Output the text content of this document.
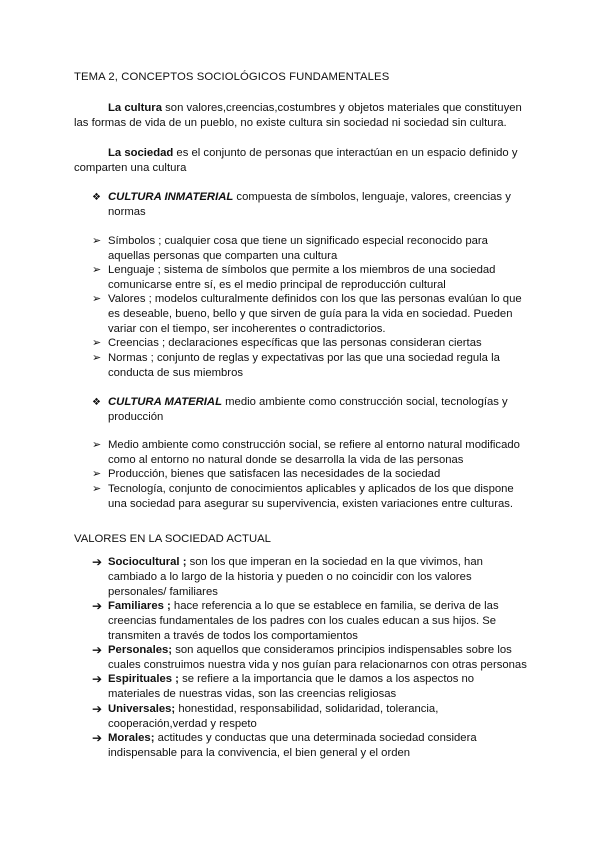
TEMA 2, CONCEPTOS SOCIOLÓGICOS FUNDAMENTALES
La cultura son valores,creencias,costumbres y objetos materiales que constituyen las formas de vida de un pueblo, no existe cultura sin sociedad ni sociedad sin cultura.
La sociedad es el conjunto de personas que interactúan en un espacio definido y comparten una cultura
❖ CULTURA INMATERIAL compuesta de símbolos, lenguaje, valores, creencias y normas
➢ Símbolos ; cualquier cosa que tiene un significado especial reconocido para aquellas personas que comparten una cultura
➢ Lenguaje ; sistema de símbolos que permite a los miembros de una sociedad comunicarse entre sí, es el medio principal de reproducción cultural
➢ Valores ; modelos culturalmente definidos con los que las personas evalúan lo que es deseable, bueno, bello y que sirven de guía para la vida en sociedad. Pueden variar con el tiempo, ser incoherentes o contradictorios.
➢ Creencias ; declaraciones específicas que las personas consideran ciertas
➢ Normas ; conjunto de reglas y expectativas por las que una sociedad regula la conducta de sus miembros
❖ CULTURA MATERIAL medio ambiente como construcción social, tecnologías y producción
➢ Medio ambiente como construcción social, se refiere al entorno natural modificado como al entorno no natural donde se desarrolla la vida de las personas
➢ Producción, bienes que satisfacen las necesidades de la sociedad
➢ Tecnología, conjunto de conocimientos aplicables y aplicados de los que dispone una sociedad para asegurar su supervivencia, existen variaciones entre culturas.
VALORES EN LA SOCIEDAD ACTUAL
➔ Sociocultural ; son los que imperan en la sociedad en la que vivimos, han cambiado a lo largo de la historia y pueden o no coincidir con los valores personales/ familiares
➔ Familiares ; hace referencia a lo que se establece en familia, se deriva de las creencias fundamentales de los padres con los cuales educan a sus hijos. Se transmiten a través de todos los comportamientos
➔ Personales; son aquellos que consideramos principios indispensables sobre los cuales construimos nuestra vida y nos guían para relacionarnos con otras personas
➔ Espirituales ; se refiere a la importancia que le damos a los aspectos no materiales de nuestras vidas, son las creencias religiosas
➔ Universales; honestidad, responsabilidad, solidaridad, tolerancia, cooperación,verdad y respeto
➔ Morales; actitudes y conductas que una determinada sociedad considera indispensable para la convivencia, el bien general y el orden
